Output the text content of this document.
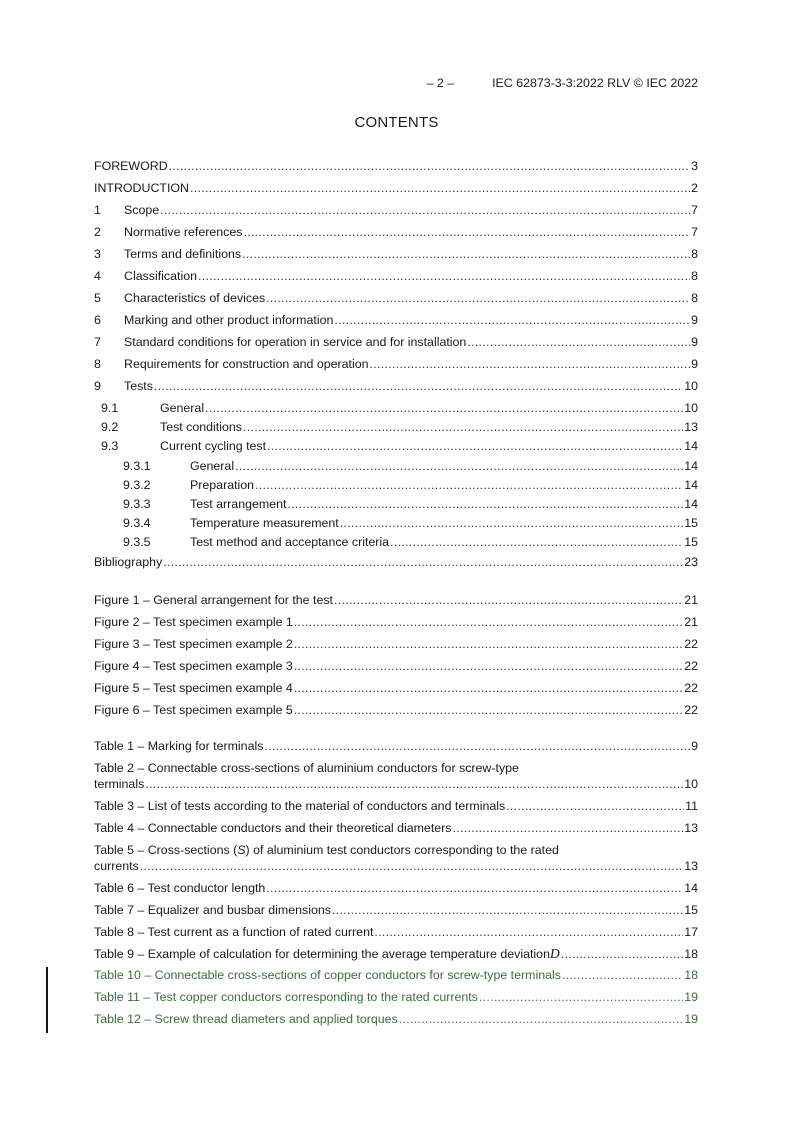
– 2 –	IEC 62873-3-3:2022 RLV © IEC 2022
CONTENTS
FOREWORD .....	3
INTRODUCTION .....	2
1	Scope .....	7
2	Normative references .....	7
3	Terms and definitions .....	8
4	Classification .....	8
5	Characteristics of devices .....	8
6	Marking and other product information .....	9
7	Standard conditions for operation in service and for installation .....	9
8	Requirements for construction and operation .....	9
9	Tests .....	10
9.1	General .....	10
9.2	Test conditions .....	13
9.3	Current cycling test .....	14
9.3.1	General .....	14
9.3.2	Preparation .....	14
9.3.3	Test arrangement .....	14
9.3.4	Temperature measurement .....	15
9.3.5	Test method and acceptance criteria .....	15
Bibliography .....	23
Figure 1 – General arrangement for the test .....	21
Figure 2 – Test specimen example 1 .....	21
Figure 3 – Test specimen example 2 .....	22
Figure 4 – Test specimen example 3 .....	22
Figure 5 – Test specimen example 4 .....	22
Figure 6 – Test specimen example 5 .....	22
Table 1 – Marking for terminals .....	9
Table 2 – Connectable cross-sections of aluminium conductors for screw-type
terminals .....	10
Table 3 – List of tests according to the material of conductors and terminals .....	11
Table 4 – Connectable conductors and their theoretical diameters .....	13
Table 5 – Cross-sections (S) of aluminium test conductors corresponding to the rated
currents .....	13
Table 6 – Test conductor length .....	14
Table 7 – Equalizer and busbar dimensions .....	15
Table 8 – Test current as a function of rated current .....	17
Table 9 – Example of calculation for determining the average temperature deviation D .....	18
Table 10 – Connectable cross-sections of copper conductors for screw-type terminals .....	18
Table 11 – Test copper conductors corresponding to the rated currents .....	19
Table 12 – Screw thread diameters and applied torques .....	19
